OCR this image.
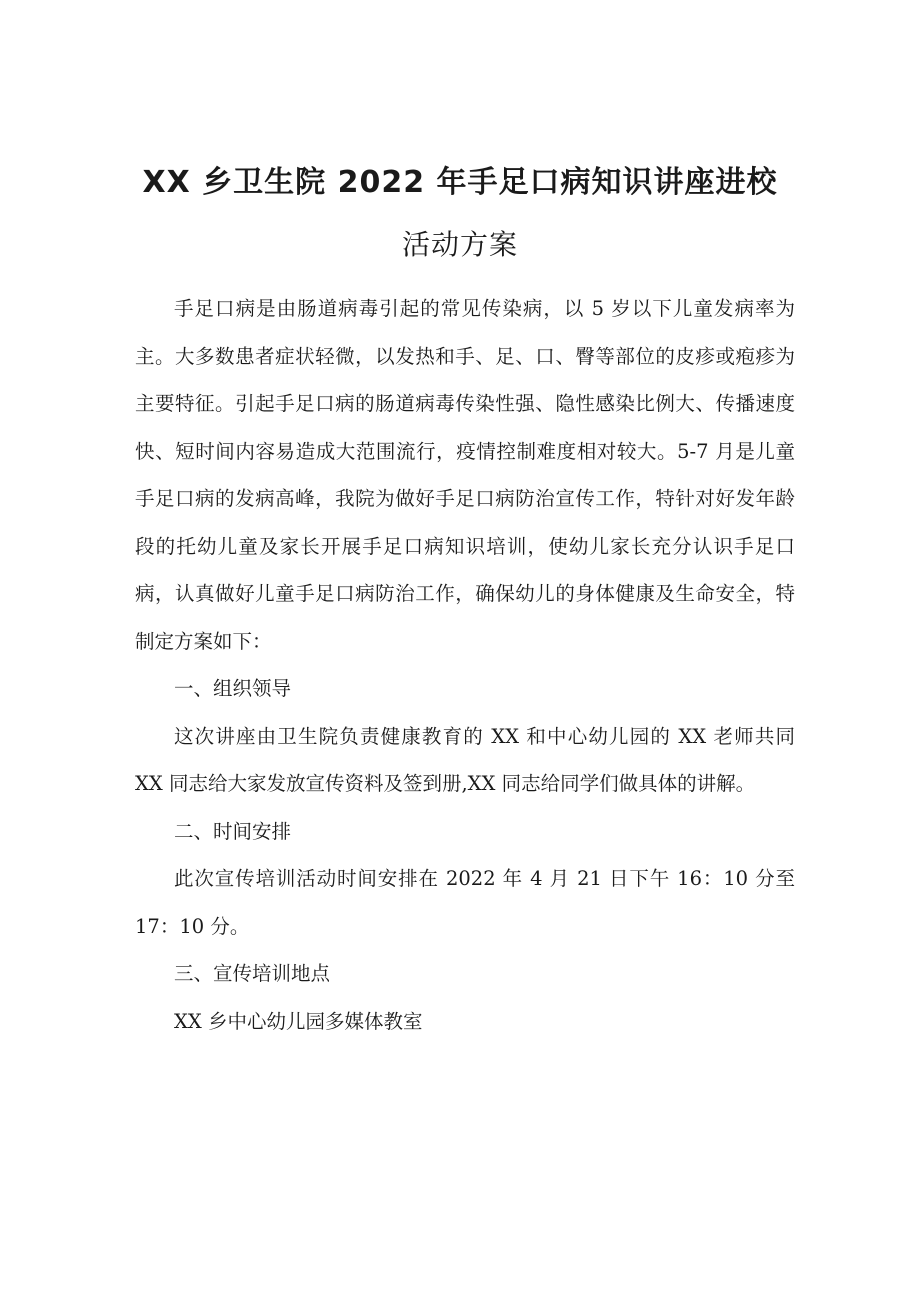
XX 乡卫生院 2022 年手足口病知识讲座进校
活动方案

手足口病是由肠道病毒引起的常见传染病，以 5 岁以下儿童发病率为主。大多数患者症状轻微，以发热和手、足、口、臀等部位的皮疹或疱疹为主要特征。引起手足口病的肠道病毒传染性强、隐性感染比例大、传播速度快、短时间内容易造成大范围流行，疫情控制难度相对较大。5-7 月是儿童手足口病的发病高峰，我院为做好手足口病防治宣传工作，特针对好发年龄段的托幼儿童及家长开展手足口病知识培训，使幼儿家长充分认识手足口病，认真做好儿童手足口病防治工作，确保幼儿的身体健康及生命安全，特制定方案如下：

一、组织领导

这次讲座由卫生院负责健康教育的 XX 和中心幼儿园的 XX 老师共同 XX 同志给大家发放宣传资料及签到册,XX 同志给同学们做具体的讲解。

二、时间安排

此次宣传培训活动时间安排在 2022 年 4 月 21 日下午 16：10 分至 17：10 分。

三、宣传培训地点

XX 乡中心幼儿园多媒体教室
